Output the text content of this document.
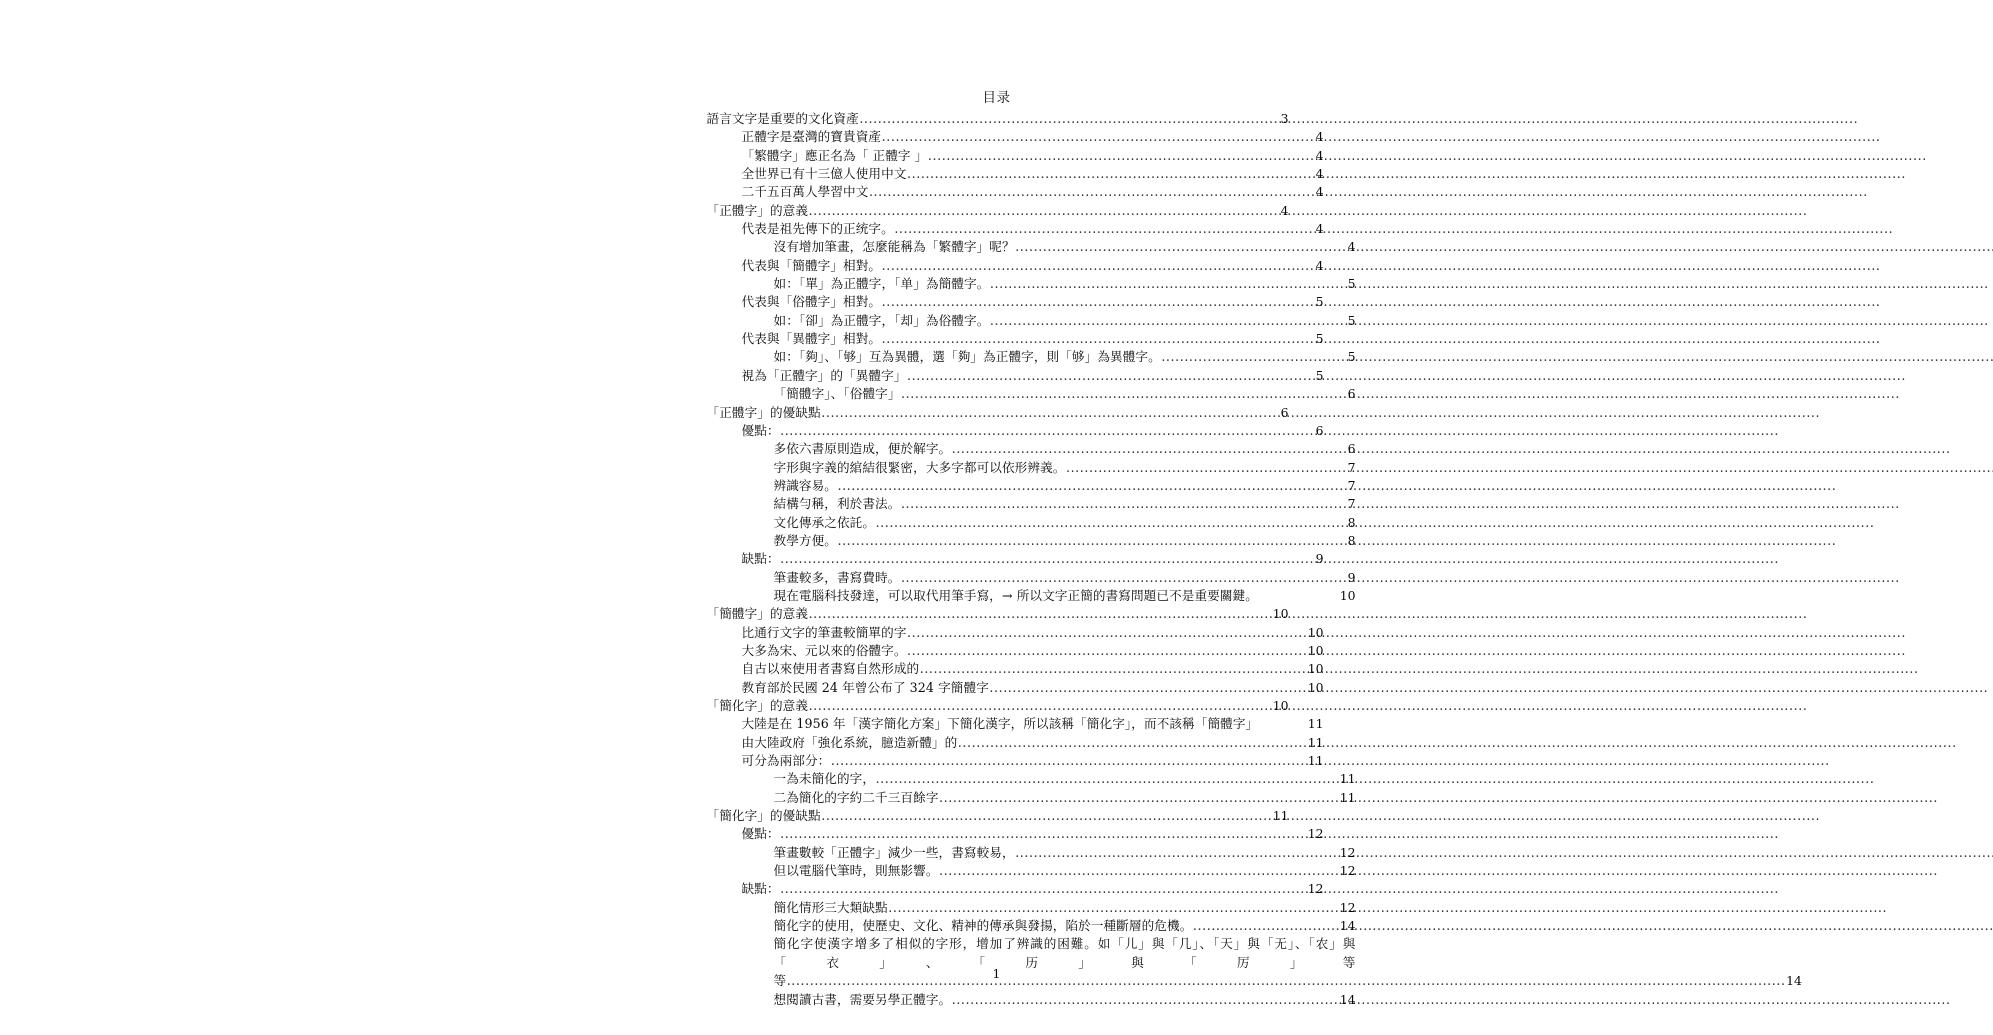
目录
語言文字是重要的文化資產 .....	3
正體字是臺灣的寶貴資產 .....	4
「繁體字」應正名為「 正體字 」 .....	4
全世界已有十三億人使用中文 .....	4
二千五百萬人學習中文 .....	4
「正體字」的意義 .....	4
代表是祖先傳下的正统字。 .....	4
沒有增加筆畫，怎麼能稱為「繁體字」呢？ .....	4
代表與「簡體字」相對。 .....	4
如：「單」為正體字，「单」為簡體字。 .....	5
代表與「俗體字」相對。 .....	5
如：「卻」為正體字，「却」為俗體字。 .....	5
代表與「異體字」相對。 .....	5
如：「夠」、「够」互為異體，選「夠」為正體字，則「够」為異體字。 .....	5
視為「正體字」的「異體字」 .....	5
「簡體字」、「俗體字」 .....	6
「正體字」的優缺點 .....	6
優點： .....	6
多依六書原則造成，便於解字。 .....	6
字形與字義的綰結很緊密，大多字都可以依形辨義。 .....	7
辨識容易。 .....	7
結構勻稱，利於書法。 .....	7
文化傳承之依託。 .....	8
教學方便。 .....	8
缺點： .....	9
筆畫較多，書寫費時。 .....	9
現在電腦科技發達，可以取代用筆手寫，→ 所以文字正簡的書寫問題已不是重要關鍵。	10
「簡體字」的意義 .....	10
比通行文字的筆畫較簡單的字 .....	10
大多為宋、元以來的俗體字。 .....	10
自古以來使用者書寫自然形成的 .....	10
教育部於民國 24 年曾公布了 324 字簡體字 .....	10
「簡化字」的意義 .....	10
大陸是在 1956 年「漢字簡化方案」下簡化漢字，所以該稱「簡化字」，而不該稱「簡體字」	11
由大陸政府「強化系統，臆造新體」的 .....	11
可分為兩部分： .....	11
一為未簡化的字， .....	11
二為簡化的字約二千三百餘字 .....	11
「簡化字」的優缺點 .....	11
優點： .....	12
筆畫數較「正體字」減少一些，書寫較易， .....	12
但以電腦代筆時，則無影響。 .....	12
缺點： .....	12
簡化情形三大類缺點 .....	12
簡化字的使用，使歷史、文化、精神的傳承與發揚，陷於一種斷層的危機。 .....	14
簡化字使漢字增多了相似的字形，增加了辨識的困難。如「儿」與「几」、「天」與「无」、「农」與「衣」、「历」與「厉」等等 .....	14
想閱讀古書，需要另學正體字。 .....	14
1
